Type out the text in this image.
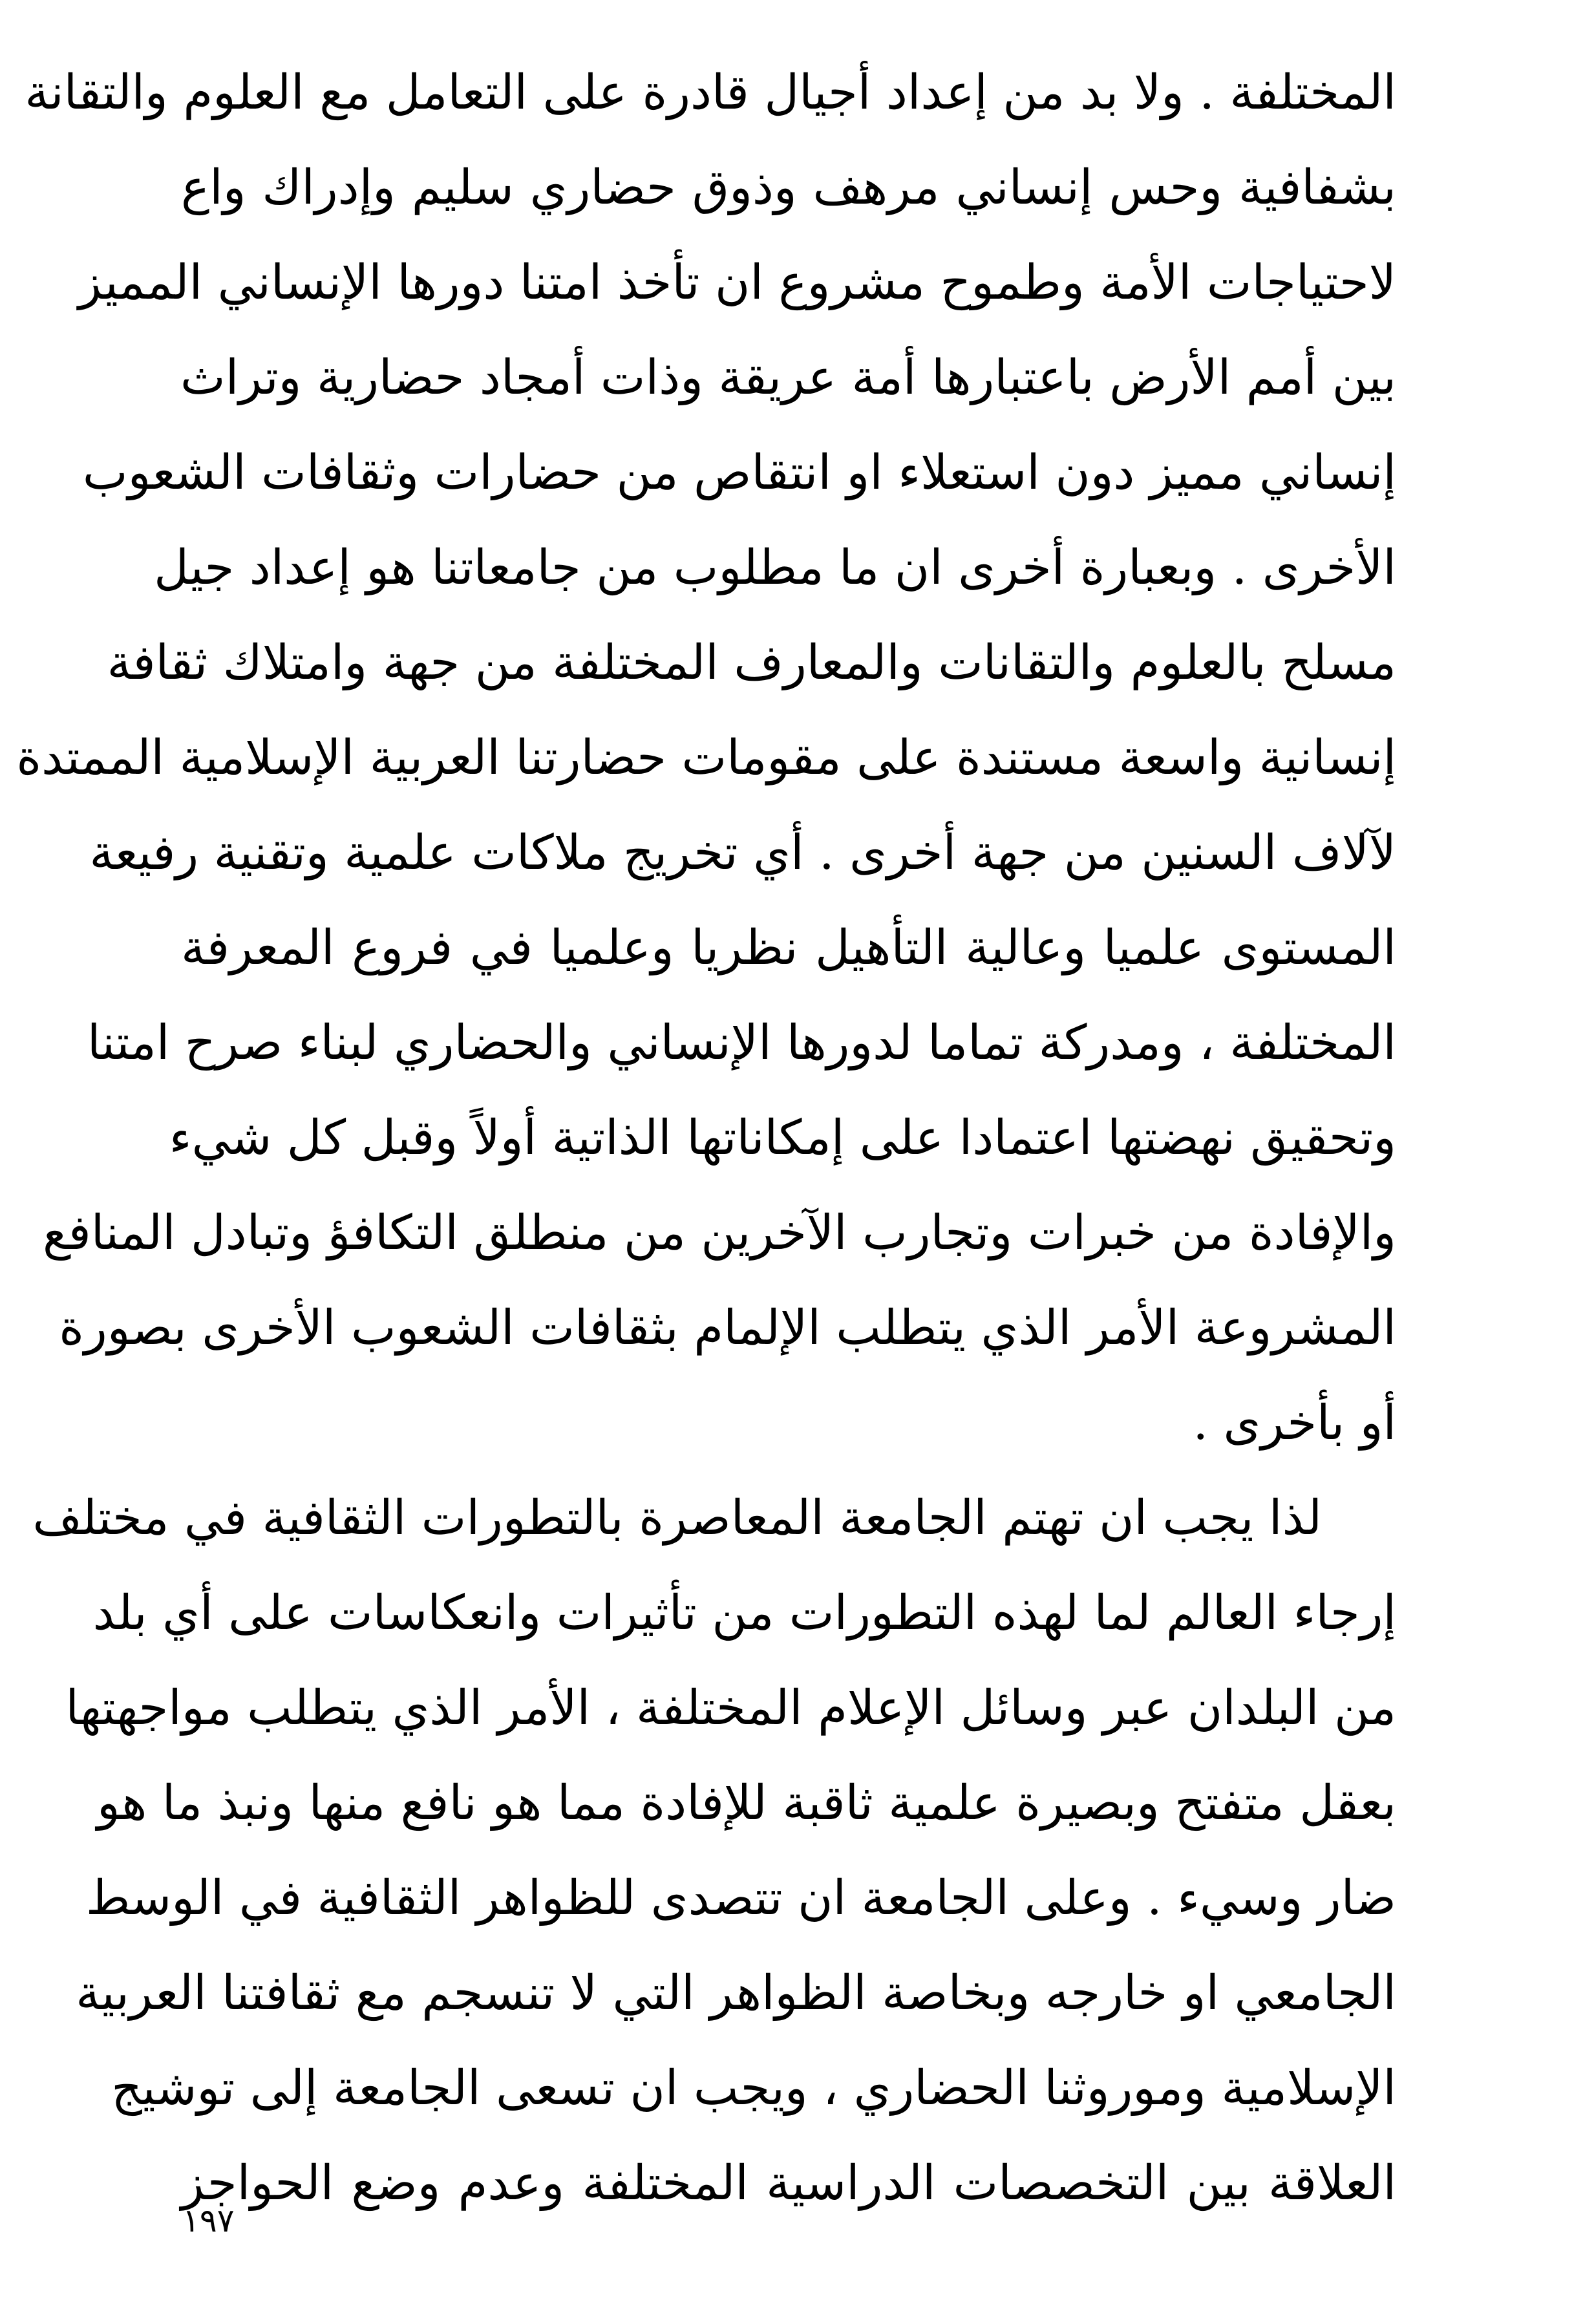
المختلفة . ولا بد من إعداد أجيال قادرة على التعامل مع العلوم والتقانة
بشفافية وحس إنساني مرهف وذوق حضاري سليم وإدراك واع
لاحتياجات الأمة وطموح مشروع ان تأخذ امتنا دورها الإنساني المميز
بين أمم الأرض باعتبارها أمة عريقة وذات أمجاد حضارية وتراث
إنساني مميز دون استعلاء او انتقاص من حضارات وثقافات الشعوب
الأخرى . وبعبارة أخرى ان ما مطلوب من جامعاتنا هو إعداد جيل
مسلح بالعلوم والتقانات والمعارف المختلفة من جهة وامتلاك ثقافة
إنسانية واسعة مستندة على مقومات حضارتنا العربية الإسلامية الممتدة
لآلاف السنين من جهة أخرى . أي تخريج ملاكات علمية وتقنية رفيعة
المستوى علميا وعالية التأهيل نظريا وعلميا في فروع المعرفة
المختلفة ، ومدركة تماما لدورها الإنساني والحضاري لبناء صرح امتنا
وتحقيق نهضتها اعتمادا على إمكاناتها الذاتية أولاً وقبل كل شيء
والإفادة من خبرات وتجارب الآخرين من منطلق التكافؤ وتبادل المنافع
المشروعة الأمر الذي يتطلب الإلمام بثقافات الشعوب الأخرى بصورة
أو بأخرى .
لذا يجب ان تهتم الجامعة المعاصرة بالتطورات الثقافية في مختلف
إرجاء العالم لما لهذه التطورات من تأثيرات وانعكاسات على أي بلد
من البلدان عبر وسائل الإعلام المختلفة ، الأمر الذي يتطلب مواجهتها
بعقل متفتح وبصيرة علمية ثاقبة للإفادة مما هو نافع منها ونبذ ما هو
ضار وسيء . وعلى الجامعة ان تتصدى للظواهر الثقافية في الوسط
الجامعي او خارجه وبخاصة الظواهر التي لا تنسجم مع ثقافتنا العربية
الإسلامية وموروثنا الحضاري ، ويجب ان تسعى الجامعة إلى توشيج
العلاقة بين التخصصات الدراسية المختلفة وعدم وضع الحواجز
١٩٧
